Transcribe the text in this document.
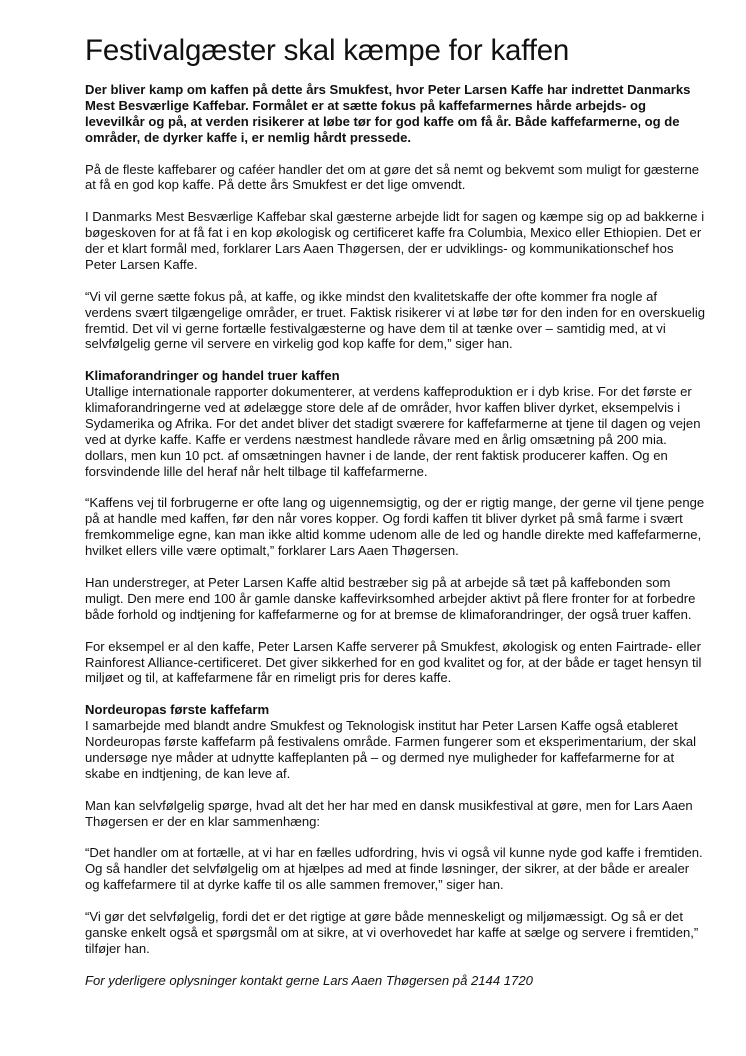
Festivalgæster skal kæmpe for kaffen

Der bliver kamp om kaffen på dette års Smukfest, hvor Peter Larsen Kaffe har indrettet Danmarks Mest Besværlige Kaffebar. Formålet er at sætte fokus på kaffefarmernes hårde arbejds- og levevilkår og på, at verden risikerer at løbe tør for god kaffe om få år. Både kaffefarmerne, og de områder, de dyrker kaffe i, er nemlig hårdt pressede.

På de fleste kaffebarer og caféer handler det om at gøre det så nemt og bekvemt som muligt for gæsterne at få en god kop kaffe. På dette års Smukfest er det lige omvendt.

I Danmarks Mest Besværlige Kaffebar skal gæsterne arbejde lidt for sagen og kæmpe sig op ad bakkerne i bøgeskoven for at få fat i en kop økologisk og certificeret kaffe fra Columbia, Mexico eller Ethiopien. Det er der et klart formål med, forklarer Lars Aaen Thøgersen, der er udviklings- og kommunikationschef hos Peter Larsen Kaffe.

“Vi vil gerne sætte fokus på, at kaffe, og ikke mindst den kvalitetskaffe der ofte kommer fra nogle af verdens svært tilgængelige områder, er truet. Faktisk risikerer vi at løbe tør for den inden for en overskuelig fremtid. Det vil vi gerne fortælle festivalgæsterne og have dem til at tænke over – samtidig med, at vi selvfølgelig gerne vil servere en virkelig god kop kaffe for dem,” siger han.

Klimaforandringer og handel truer kaffen
Utallige internationale rapporter dokumenterer, at verdens kaffeproduktion er i dyb krise. For det første er klimaforandringerne ved at ødelægge store dele af de områder, hvor kaffen bliver dyrket, eksempelvis i Sydamerika og Afrika. For det andet bliver det stadigt sværere for kaffefarmerne at tjene til dagen og vejen ved at dyrke kaffe. Kaffe er verdens næstmest handlede råvare med en årlig omsætning på 200 mia. dollars, men kun 10 pct. af omsætningen havner i de lande, der rent faktisk producerer kaffen. Og en forsvindende lille del heraf når helt tilbage til kaffefarmerne.

“Kaffens vej til forbrugerne er ofte lang og uigennemsigtig, og der er rigtig mange, der gerne vil tjene penge på at handle med kaffen, før den når vores kopper. Og fordi kaffen tit bliver dyrket på små farme i svært fremkommelige egne, kan man ikke altid komme udenom alle de led og handle direkte med kaffefarmerne, hvilket ellers ville være optimalt,” forklarer Lars Aaen Thøgersen.

Han understreger, at Peter Larsen Kaffe altid bestræber sig på at arbejde så tæt på kaffebonden som muligt. Den mere end 100 år gamle danske kaffevirksomhed arbejder aktivt på flere fronter for at forbedre både forhold og indtjening for kaffefarmerne og for at bremse de klimaforandringer, der også truer kaffen.

For eksempel er al den kaffe, Peter Larsen Kaffe serverer på Smukfest, økologisk og enten Fairtrade- eller Rainforest Alliance-certificeret. Det giver sikkerhed for en god kvalitet og for, at der både er taget hensyn til miljøet og til, at kaffefarmene får en rimeligt pris for deres kaffe.

Nordeuropas første kaffefarm
I samarbejde med blandt andre Smukfest og Teknologisk institut har Peter Larsen Kaffe også etableret Nordeuropas første kaffefarm på festivalens område. Farmen fungerer som et eksperimentarium, der skal undersøge nye måder at udnytte kaffeplanten på – og dermed nye muligheder for kaffefarmerne for at skabe en indtjening, de kan leve af.

Man kan selvfølgelig spørge, hvad alt det her har med en dansk musikfestival at gøre, men for Lars Aaen Thøgersen er der en klar sammenhæng:

“Det handler om at fortælle, at vi har en fælles udfordring, hvis vi også vil kunne nyde god kaffe i fremtiden. Og så handler det selvfølgelig om at hjælpes ad med at finde løsninger, der sikrer, at der både er arealer og kaffefarmere til at dyrke kaffe til os alle sammen fremover,” siger han.

“Vi gør det selvfølgelig, fordi det er det rigtige at gøre både menneskeligt og miljømæssigt. Og så er det ganske enkelt også et spørgsmål om at sikre, at vi overhovedet har kaffe at sælge og servere i fremtiden,” tilføjer han.

For yderligere oplysninger kontakt gerne Lars Aaen Thøgersen på 2144 1720
